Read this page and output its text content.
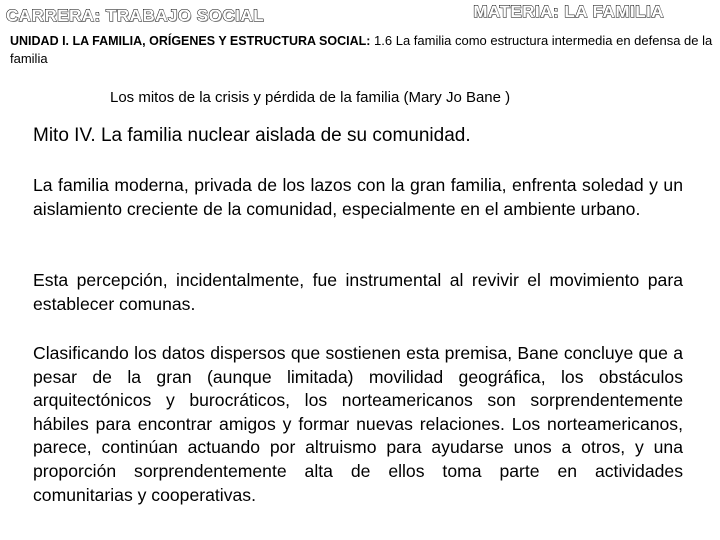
CARRERA: TRABAJO SOCIAL	MATERIA: LA FAMILIA
UNIDAD I. LA FAMILIA, ORÍGENES Y ESTRUCTURA SOCIAL: 1.6 La familia como estructura intermedia en defensa de la familia
Los mitos de la crisis y pérdida de la familia (Mary Jo Bane )
Mito IV. La familia nuclear aislada de su comunidad.
La familia moderna, privada de los lazos con la gran familia, enfrenta soledad y un aislamiento creciente de la comunidad, especialmente en el ambiente urbano.
Esta percepción, incidentalmente, fue instrumental al revivir el movimiento para establecer comunas.
Clasificando los datos dispersos que sostienen esta premisa, Bane concluye que a pesar de la gran (aunque limitada) movilidad geográfica, los obstáculos arquitectónicos y burocráticos, los norteamericanos son sorprendentemente hábiles para encontrar amigos y formar nuevas relaciones. Los norteamericanos, parece, continúan actuando por altruismo para ayudarse unos a otros, y una proporción sorprendentemente alta de ellos toma parte en actividades comunitarias y cooperativas.
